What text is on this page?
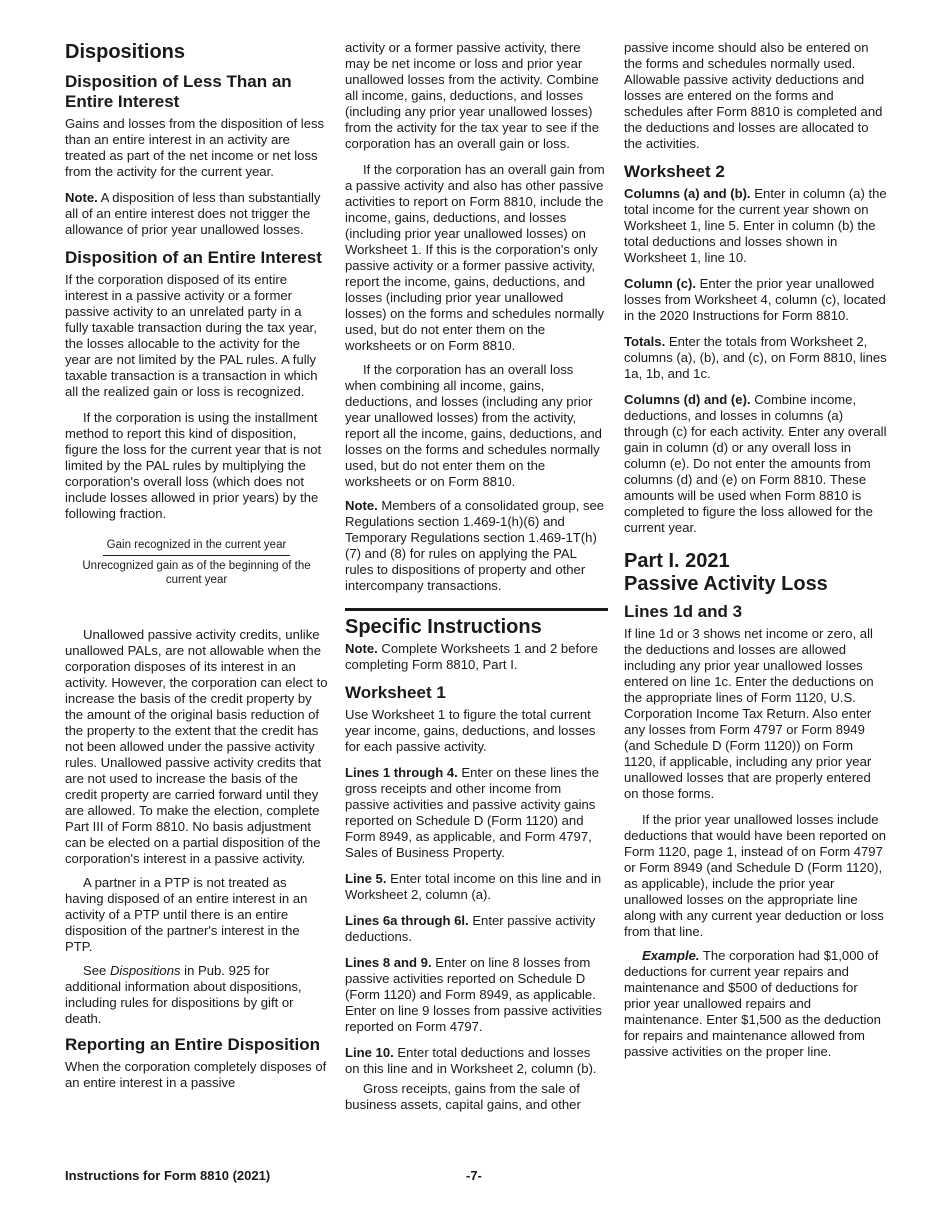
Dispositions
Disposition of Less Than an Entire Interest

Gains and losses from the disposition of less than an entire interest in an activity are treated as part of the net income or net loss from the activity for the current year.

Note. A disposition of less than substantially all of an entire interest does not trigger the allowance of prior year unallowed losses.

Disposition of an Entire Interest

If the corporation disposed of its entire interest in a passive activity or a former passive activity to an unrelated party in a fully taxable transaction during the tax year, the losses allocable to the activity for the year are not limited by the PAL rules. A fully taxable transaction is a transaction in which all the realized gain or loss is recognized.

If the corporation is using the installment method to report this kind of disposition, figure the loss for the current year that is not limited by the PAL rules by multiplying the corporation's overall loss (which does not include losses allowed in prior years) by the following fraction.

Gain recognized in the current year
Unrecognized gain as of the beginning of the current year

Unallowed passive activity credits, unlike unallowed PALs, are not allowable when the corporation disposes of its interest in an activity. However, the corporation can elect to increase the basis of the credit property by the amount of the original basis reduction of the property to the extent that the credit has not been allowed under the passive activity rules. Unallowed passive activity credits that are not used to increase the basis of the credit property are carried forward until they are allowed. To make the election, complete Part III of Form 8810. No basis adjustment can be elected on a partial disposition of the corporation's interest in a passive activity.

A partner in a PTP is not treated as having disposed of an entire interest in an activity of a PTP until there is an entire disposition of the partner's interest in the PTP.

See Dispositions in Pub. 925 for additional information about dispositions, including rules for dispositions by gift or death.

Reporting an Entire Disposition

When the corporation completely disposes of an entire interest in a passive

activity or a former passive activity, there may be net income or loss and prior year unallowed losses from the activity. Combine all income, gains, deductions, and losses (including any prior year unallowed losses) from the activity for the tax year to see if the corporation has an overall gain or loss.

If the corporation has an overall gain from a passive activity and also has other passive activities to report on Form 8810, include the income, gains, deductions, and losses (including prior year unallowed losses) on Worksheet 1. If this is the corporation's only passive activity or a former passive activity, report the income, gains, deductions, and losses (including prior year unallowed losses) on the forms and schedules normally used, but do not enter them on the worksheets or on Form 8810.

If the corporation has an overall loss when combining all income, gains, deductions, and losses (including any prior year unallowed losses) from the activity, report all the income, gains, deductions, and losses on the forms and schedules normally used, but do not enter them on the worksheets or on Form 8810.

Note. Members of a consolidated group, see Regulations section 1.469-1(h)(6) and Temporary Regulations section 1.469-1T(h)(7) and (8) for rules on applying the PAL rules to dispositions of property and other intercompany transactions.

Specific Instructions

Note. Complete Worksheets 1 and 2 before completing Form 8810, Part I.

Worksheet 1

Use Worksheet 1 to figure the total current year income, gains, deductions, and losses for each passive activity.

Lines 1 through 4. Enter on these lines the gross receipts and other income from passive activities and passive activity gains reported on Schedule D (Form 1120) and Form 8949, as applicable, and Form 4797, Sales of Business Property.

Line 5. Enter total income on this line and in Worksheet 2, column (a).

Lines 6a through 6l. Enter passive activity deductions.

Lines 8 and 9. Enter on line 8 losses from passive activities reported on Schedule D (Form 1120) and Form 8949, as applicable. Enter on line 9 losses from passive activities reported on Form 4797.

Line 10. Enter total deductions and losses on this line and in Worksheet 2, column (b).

Gross receipts, gains from the sale of business assets, capital gains, and other

passive income should also be entered on the forms and schedules normally used. Allowable passive activity deductions and losses are entered on the forms and schedules after Form 8810 is completed and the deductions and losses are allocated to the activities.

Worksheet 2

Columns (a) and (b). Enter in column (a) the total income for the current year shown on Worksheet 1, line 5. Enter in column (b) the total deductions and losses shown in Worksheet 1, line 10.

Column (c). Enter the prior year unallowed losses from Worksheet 4, column (c), located in the 2020 Instructions for Form 8810.

Totals. Enter the totals from Worksheet 2, columns (a), (b), and (c), on Form 8810, lines 1a, 1b, and 1c.

Columns (d) and (e). Combine income, deductions, and losses in columns (a) through (c) for each activity. Enter any overall gain in column (d) or any overall loss in column (e). Do not enter the amounts from columns (d) and (e) on Form 8810. These amounts will be used when Form 8810 is completed to figure the loss allowed for the current year.

Part I. 2021
Passive Activity Loss
Lines 1d and 3

If line 1d or 3 shows net income or zero, all the deductions and losses are allowed including any prior year unallowed losses entered on line 1c. Enter the deductions on the appropriate lines of Form 1120, U.S. Corporation Income Tax Return. Also enter any losses from Form 4797 or Form 8949 (and Schedule D (Form 1120)) on Form 1120, if applicable, including any prior year unallowed losses that are properly entered on those forms.

If the prior year unallowed losses include deductions that would have been reported on Form 1120, page 1, instead of on Form 4797 or Form 8949 (and Schedule D (Form 1120), as applicable), include the prior year unallowed losses on the appropriate line along with any current year deduction or loss from that line.

Example. The corporation had $1,000 of deductions for current year repairs and maintenance and $500 of deductions for prior year unallowed repairs and maintenance. Enter $1,500 as the deduction for repairs and maintenance allowed from passive activities on the proper line.

Instructions for Form 8810 (2021)	-7-
